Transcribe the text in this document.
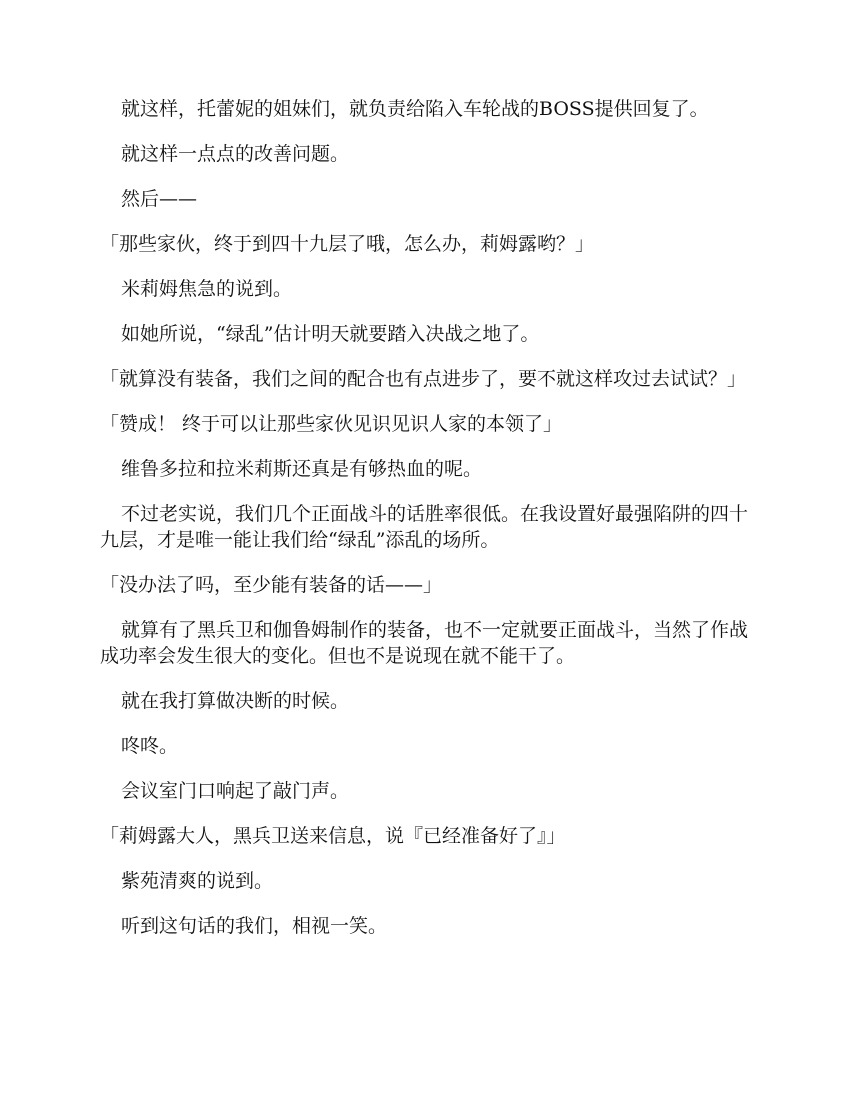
就这样，托蕾妮的姐妹们，就负责给陷入车轮战的BOSS提供回复了。

就这样一点点的改善问题。

然后——

「那些家伙，终于到四十九层了哦，怎么办，莉姆露哟？」

米莉姆焦急的说到。

如她所说，“绿乱”估计明天就要踏入决战之地了。

「就算没有装备，我们之间的配合也有点进步了，要不就这样攻过去试试？」

「赞成！ 终于可以让那些家伙见识见识人家的本领了」

维鲁多拉和拉米莉斯还真是有够热血的呢。

不过老实说，我们几个正面战斗的话胜率很低。在我设置好最强陷阱的四十九层，才是唯一能让我们给“绿乱”添乱的场所。

「没办法了吗，至少能有装备的话——」

就算有了黑兵卫和伽鲁姆制作的装备，也不一定就要正面战斗，当然了作战成功率会发生很大的变化。但也不是说现在就不能干了。

就在我打算做决断的时候。

咚咚。

会议室门口响起了敲门声。

「莉姆露大人，黑兵卫送来信息，说『已经准备好了』」

紫苑清爽的说到。

听到这句话的我们，相视一笑。
